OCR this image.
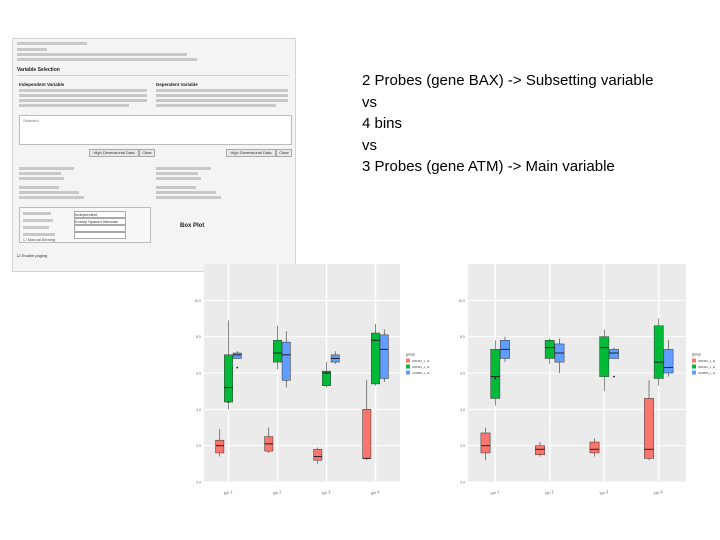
Variable Selection
Independent Variable	Dependent Variable
Selected
High Dimensional Data	Clear	High Dimensional Data	Clear
Independent
Evenly Spaced Intervals
☐ Manual Binning
☑ Enable paging
2 Probes (gene BAX) -> Subsetting variable
vs
4 bins
vs
3 Probes (gene ATM) -> Main variable
Box Plot
0.0
2.0
4.0
6.0
8.0
10.0
bin 1	bin 2	bin 3	bin 4
group
205462_s_at
208442_s_at
210858_x_at
0.0
2.0
4.0
6.0
8.0
10.0
bin 1	bin 2	bin 3	bin 4
group
205462_s_at
208442_s_at
210858_x_at
